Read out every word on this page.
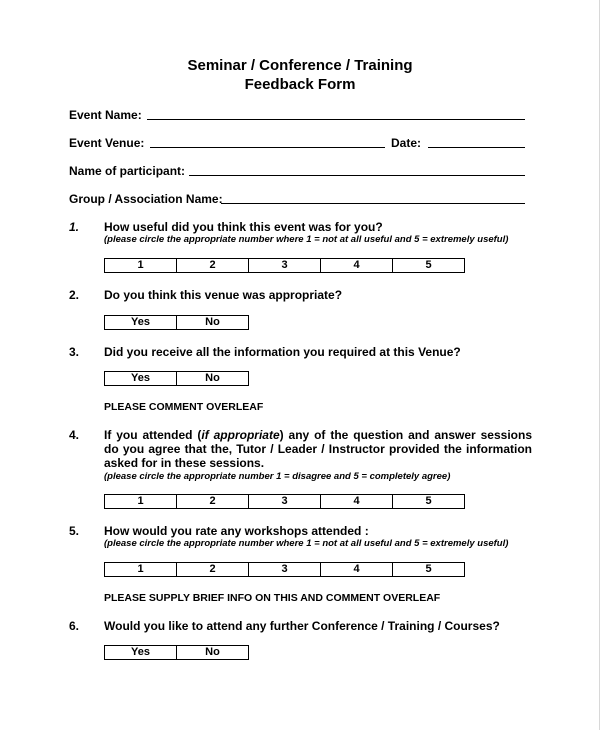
Seminar / Conference / Training
Feedback Form
Event Name:
Event Venue:	Date:
Name of participant:
Group / Association Name:
1. How useful did you think this event was for you?
(please circle the appropriate number where 1 = not at all useful and 5 = extremely useful)
1	2	3	4	5
2. Do you think this venue was appropriate?
Yes	No
3. Did you receive all the information you required at this Venue?
Yes	No
PLEASE COMMENT OVERLEAF
4. If you attended (if appropriate) any of the question and answer sessions do you agree that the, Tutor / Leader / Instructor provided the information asked for in these sessions.
(please circle the appropriate number 1 = disagree and 5 = completely agree)
1	2	3	4	5
5. How would you rate any workshops attended :
(please circle the appropriate number where 1 = not at all useful and 5 = extremely useful)
1	2	3	4	5
PLEASE SUPPLY BRIEF INFO ON THIS AND COMMENT OVERLEAF
6. Would you like to attend any further Conference / Training / Courses?
Yes	No
